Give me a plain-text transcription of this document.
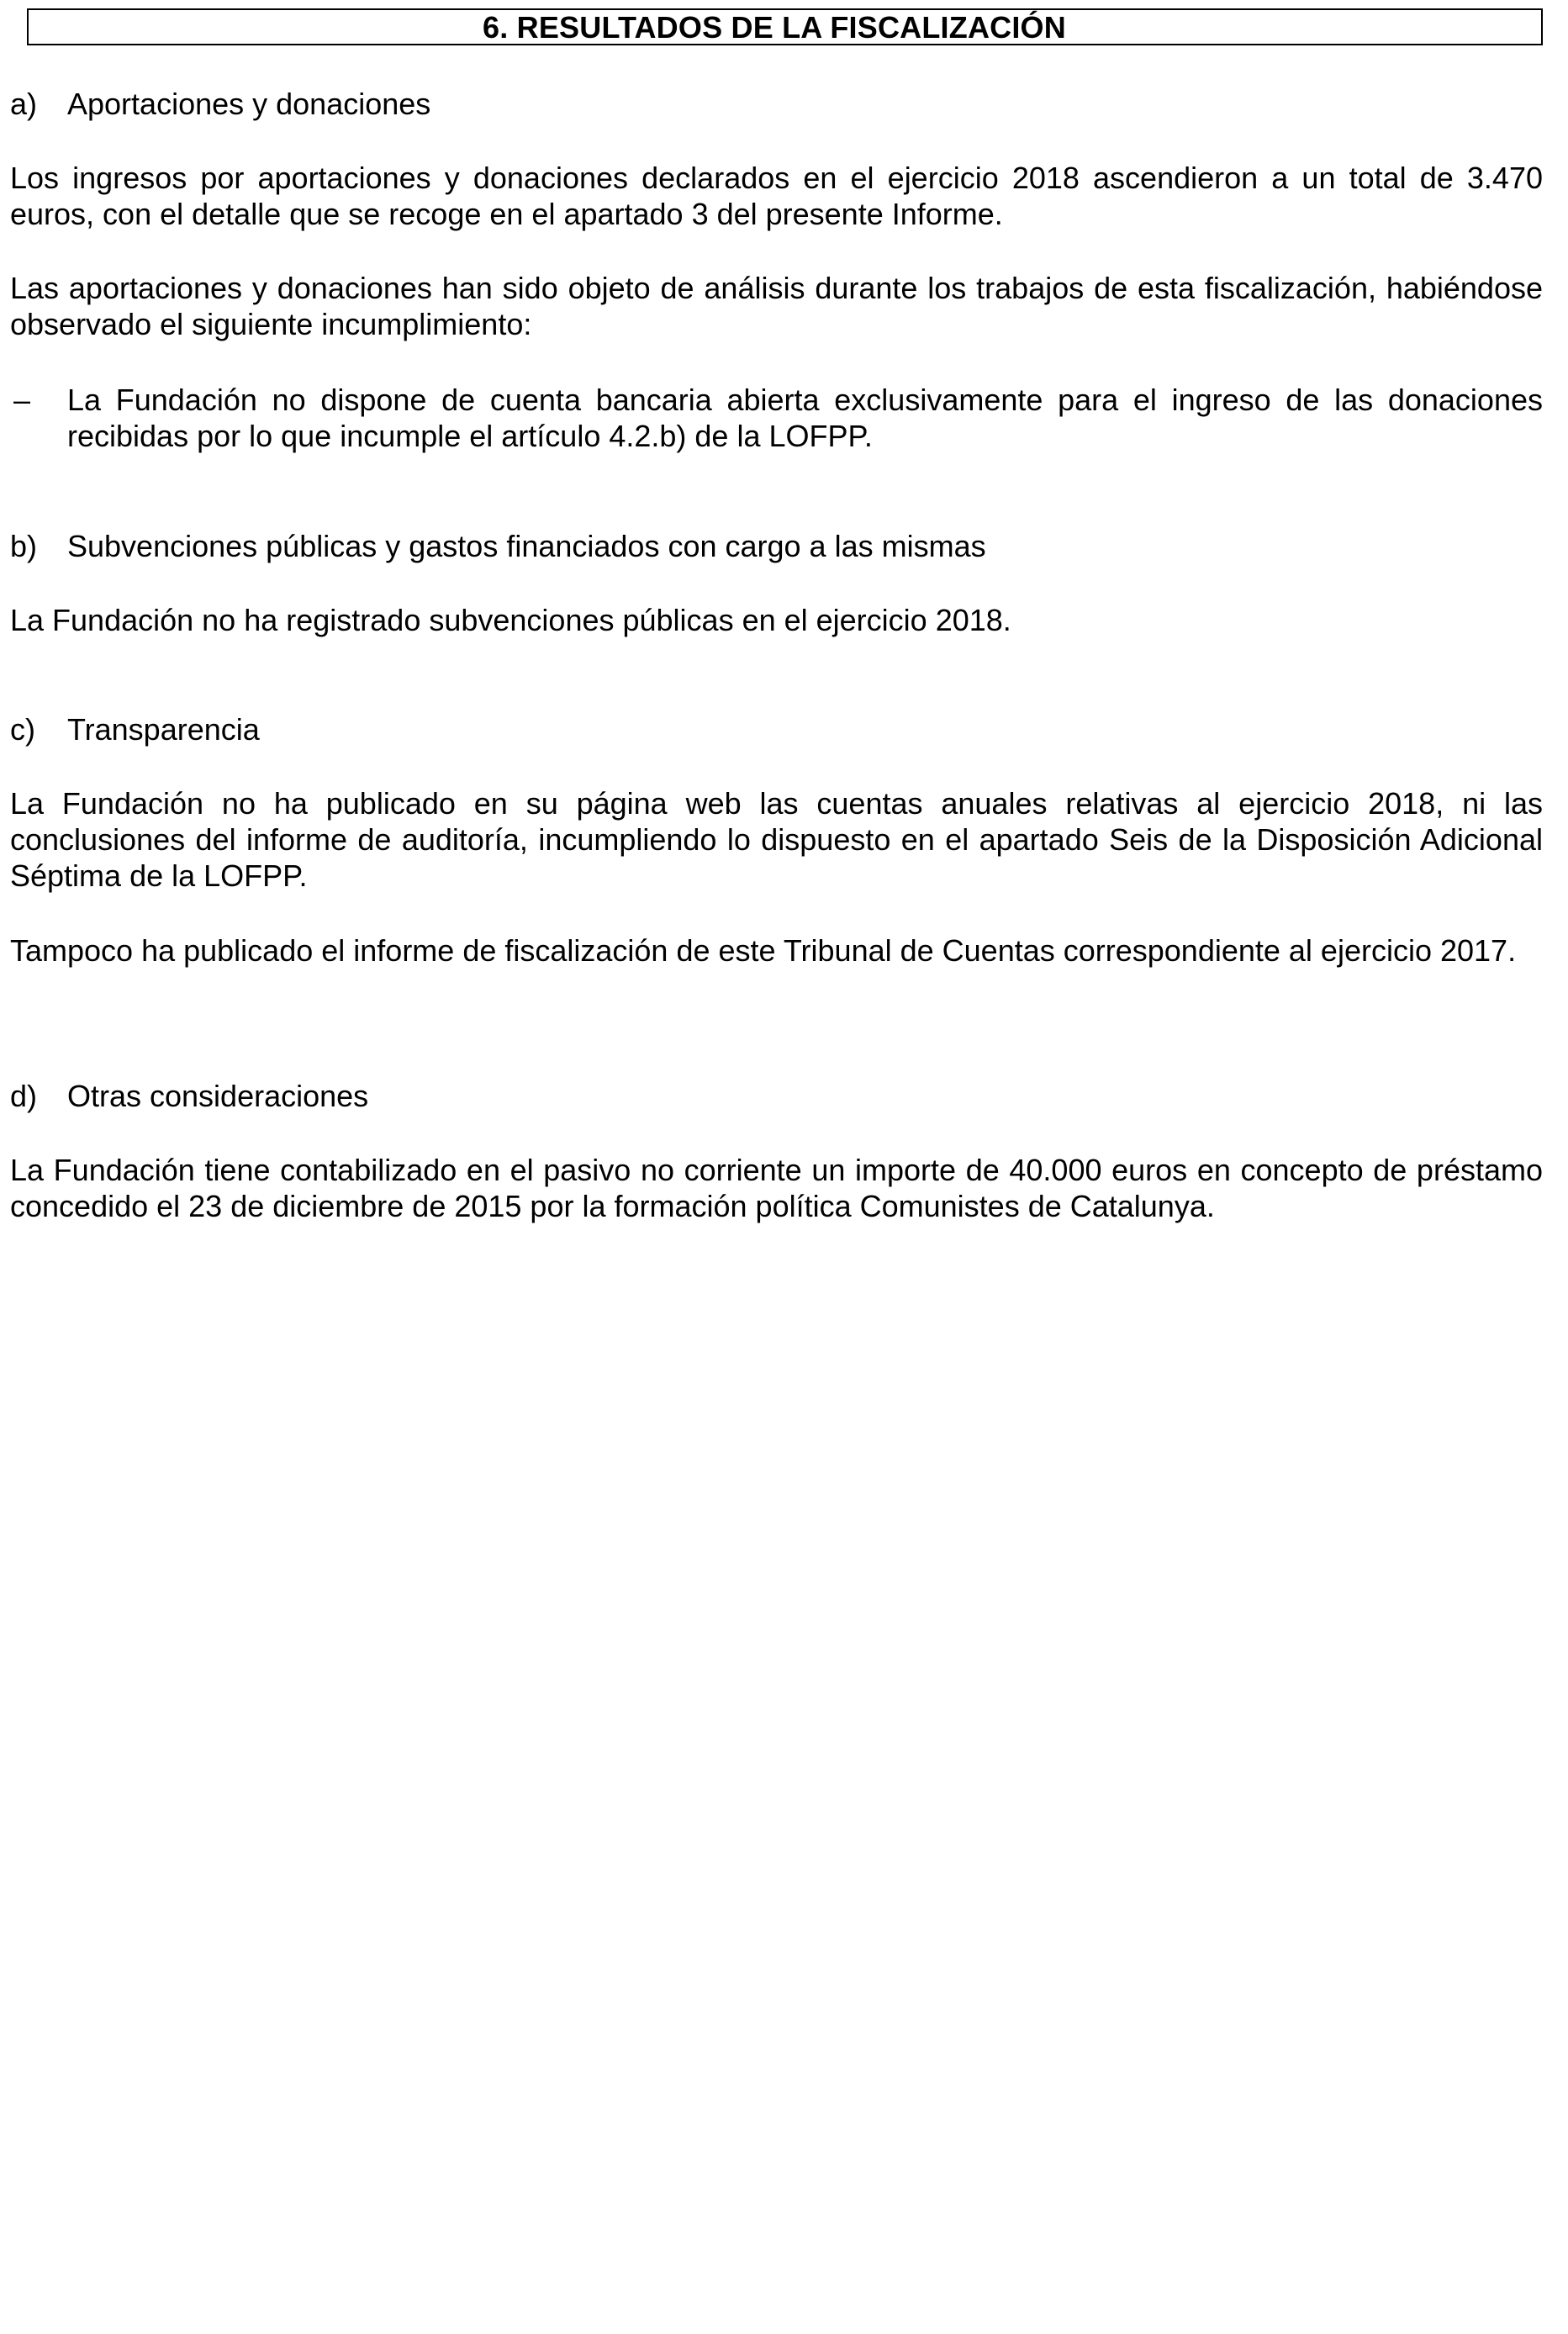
6. RESULTADOS DE LA FISCALIZACIÓN
a) Aportaciones y donaciones
Los ingresos por aportaciones y donaciones declarados en el ejercicio 2018 ascendieron a un total de 3.470 euros, con el detalle que se recoge en el apartado 3 del presente Informe.
Las aportaciones y donaciones han sido objeto de análisis durante los trabajos de esta fiscalización, habiéndose observado el siguiente incumplimiento:
– La Fundación no dispone de cuenta bancaria abierta exclusivamente para el ingreso de las donaciones recibidas por lo que incumple el artículo 4.2.b) de la LOFPP.
b) Subvenciones públicas y gastos financiados con cargo a las mismas
La Fundación no ha registrado subvenciones públicas en el ejercicio 2018.
c) Transparencia
La Fundación no ha publicado en su página web las cuentas anuales relativas al ejercicio 2018, ni las conclusiones del informe de auditoría, incumpliendo lo dispuesto en el apartado Seis de la Disposición Adicional Séptima de la LOFPP.
Tampoco ha publicado el informe de fiscalización de este Tribunal de Cuentas correspondiente al ejercicio 2017.
d) Otras consideraciones
La Fundación tiene contabilizado en el pasivo no corriente un importe de 40.000 euros en concepto de préstamo concedido el 23 de diciembre de 2015 por la formación política Comunistes de Catalunya.
